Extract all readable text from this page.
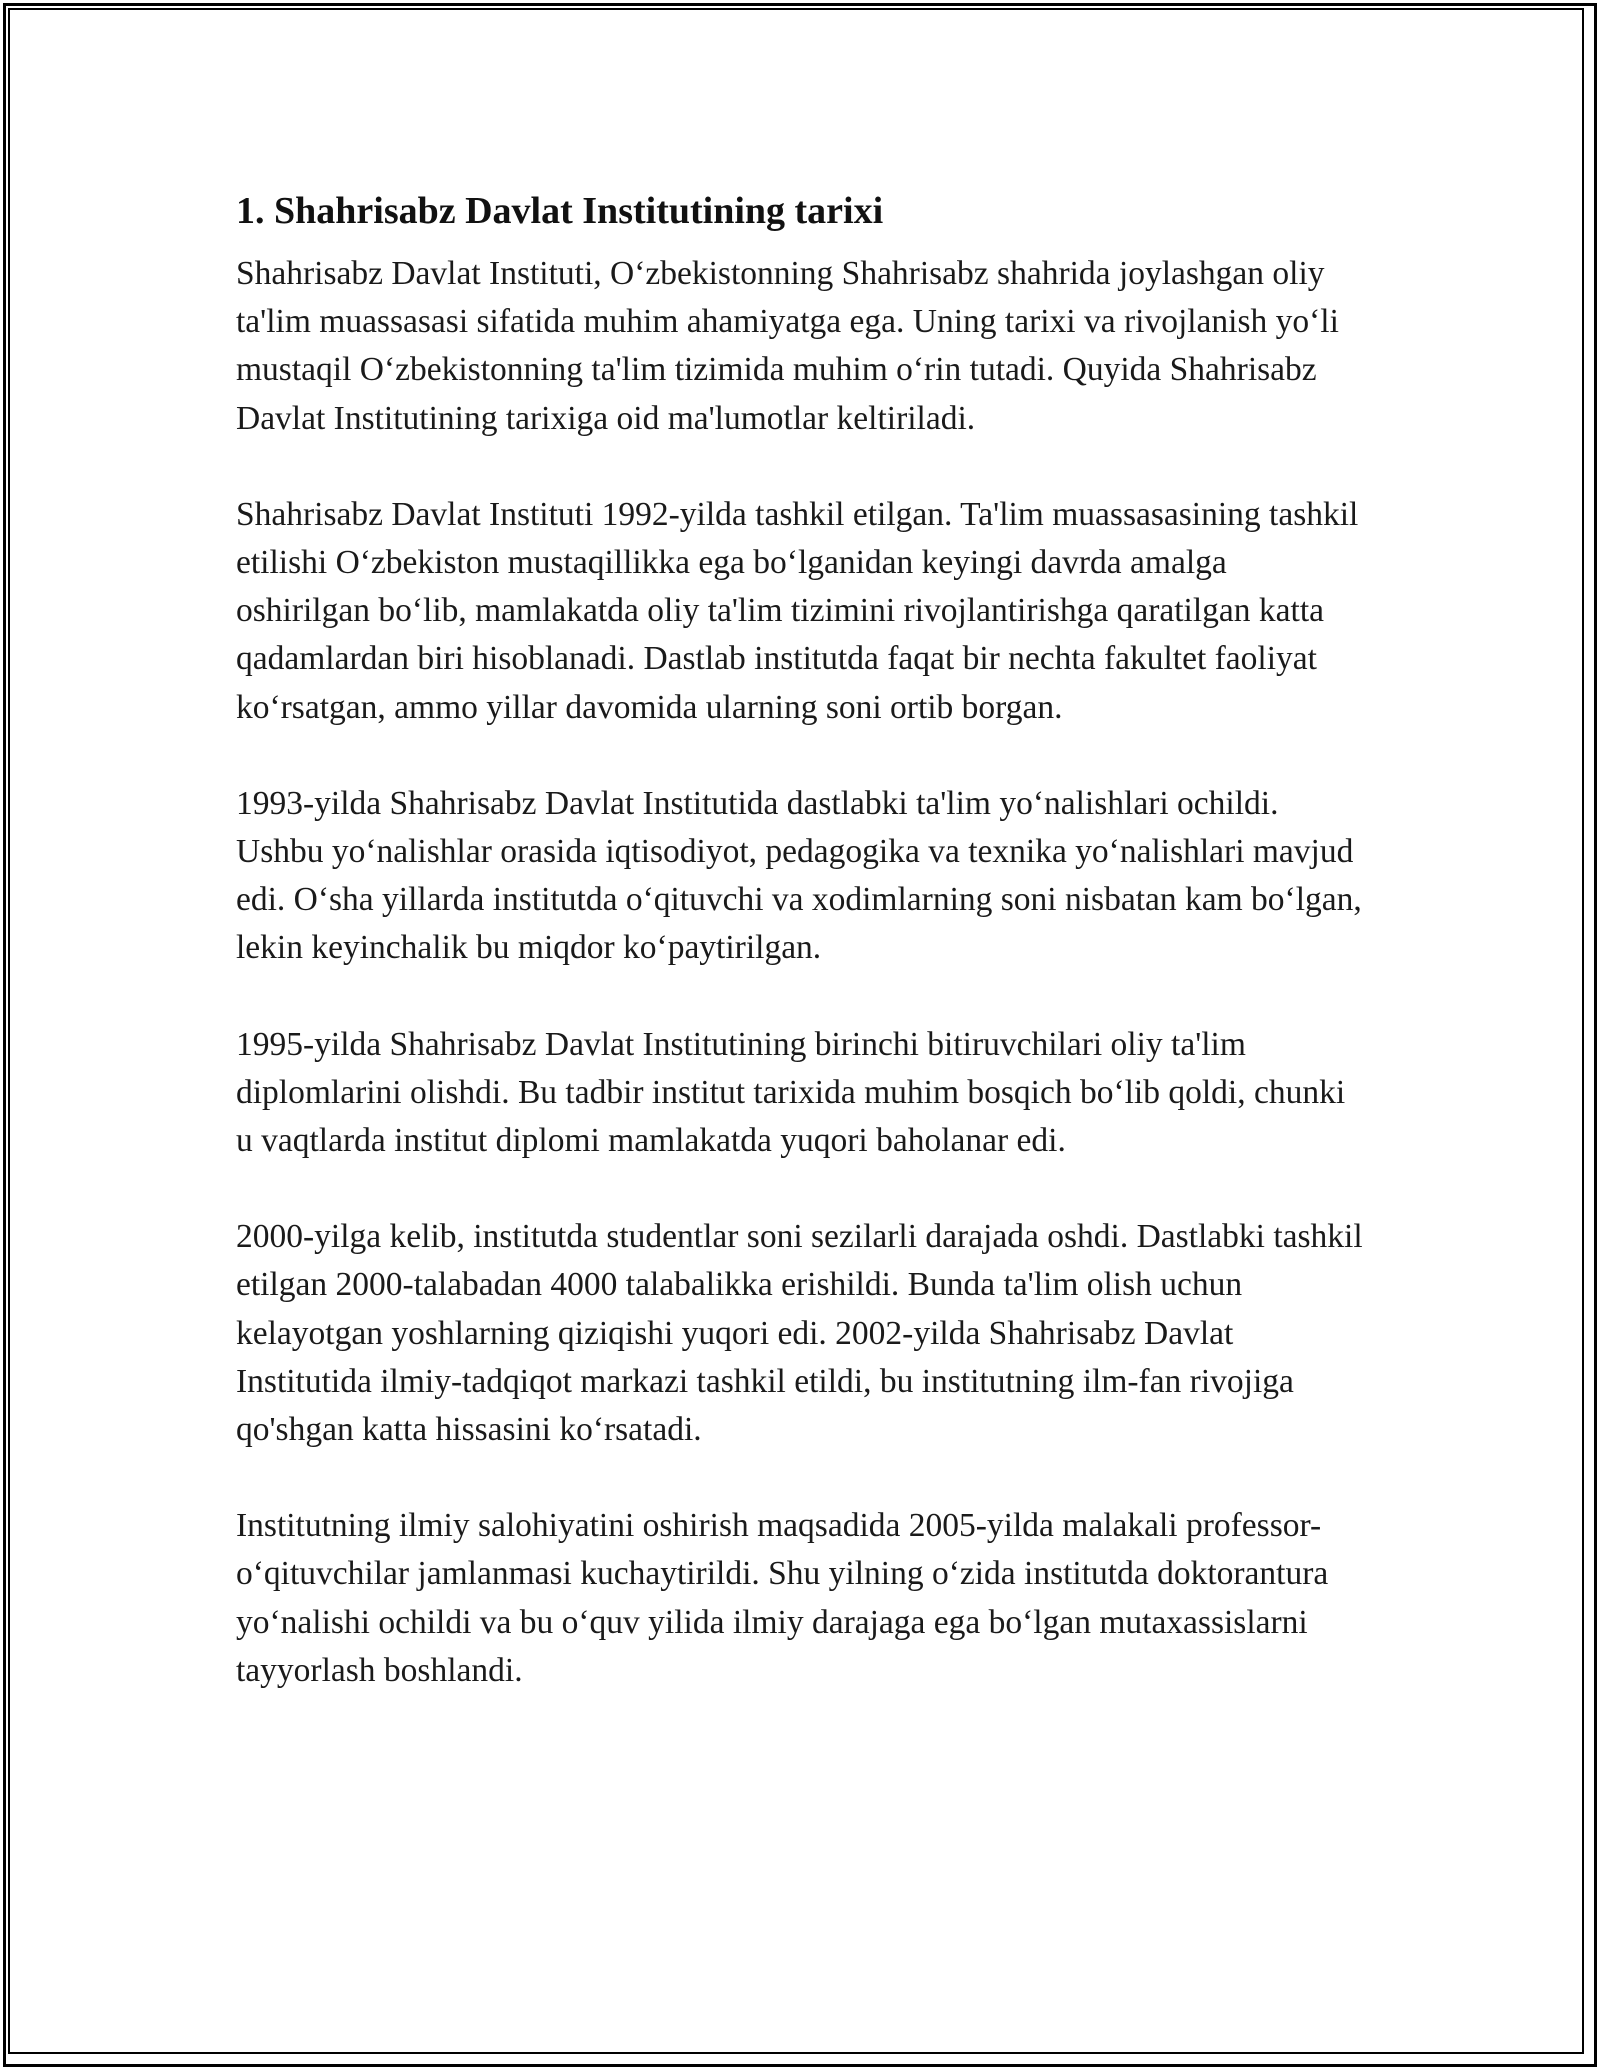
1. Shahrisabz Davlat Institutining tarixi

Shahrisabz Davlat Instituti, Oʻzbekistonning Shahrisabz shahrida joylashgan oliy ta'lim muassasasi sifatida muhim ahamiyatga ega. Uning tarixi va rivojlanish yoʻli mustaqil Oʻzbekistonning ta'lim tizimida muhim oʻrin tutadi. Quyida Shahrisabz Davlat Institutining tarixiga oid ma'lumotlar keltiriladi.

Shahrisabz Davlat Instituti 1992-yilda tashkil etilgan. Ta'lim muassasasining tashkil etilishi Oʻzbekiston mustaqillikka ega boʻlganidan keyingi davrda amalga oshirilgan boʻlib, mamlakatda oliy ta'lim tizimini rivojlantirishga qaratilgan katta qadamlardan biri hisoblanadi. Dastlab institutda faqat bir nechta fakultet faoliyat koʻrsatgan, ammo yillar davomida ularning soni ortib borgan.

1993-yilda Shahrisabz Davlat Institutida dastlabki ta'lim yoʻnalishlari ochildi. Ushbu yoʻnalishlar orasida iqtisodiyot, pedagogika va texnika yoʻnalishlari mavjud edi. Oʻsha yillarda institutda oʻqituvchi va xodimlarning soni nisbatan kam boʻlgan, lekin keyinchalik bu miqdor koʻpaytirilgan.

1995-yilda Shahrisabz Davlat Institutining birinchi bitiruvchilari oliy ta'lim diplomlarini olishdi. Bu tadbir institut tarixida muhim bosqich boʻlib qoldi, chunki u vaqtlarda institut diplomi mamlakatda yuqori baholanar edi.

2000-yilga kelib, institutda studentlar soni sezilarli darajada oshdi. Dastlabki tashkil etilgan 2000-talabadan 4000 talabalikka erishildi. Bunda ta'lim olish uchun kelayotgan yoshlarning qiziqishi yuqori edi. 2002-yilda Shahrisabz Davlat Institutida ilmiy-tadqiqot markazi tashkil etildi, bu institutning ilm-fan rivojiga qo'shgan katta hissasini koʻrsatadi.

Institutning ilmiy salohiyatini oshirish maqsadida 2005-yilda malakali professor-oʻqituvchilar jamlanmasi kuchaytirildi. Shu yilning oʻzida institutda doktorantura yoʻnalishi ochildi va bu oʻquv yilida ilmiy darajaga ega boʻlgan mutaxassislarni tayyorlash boshlandi.
